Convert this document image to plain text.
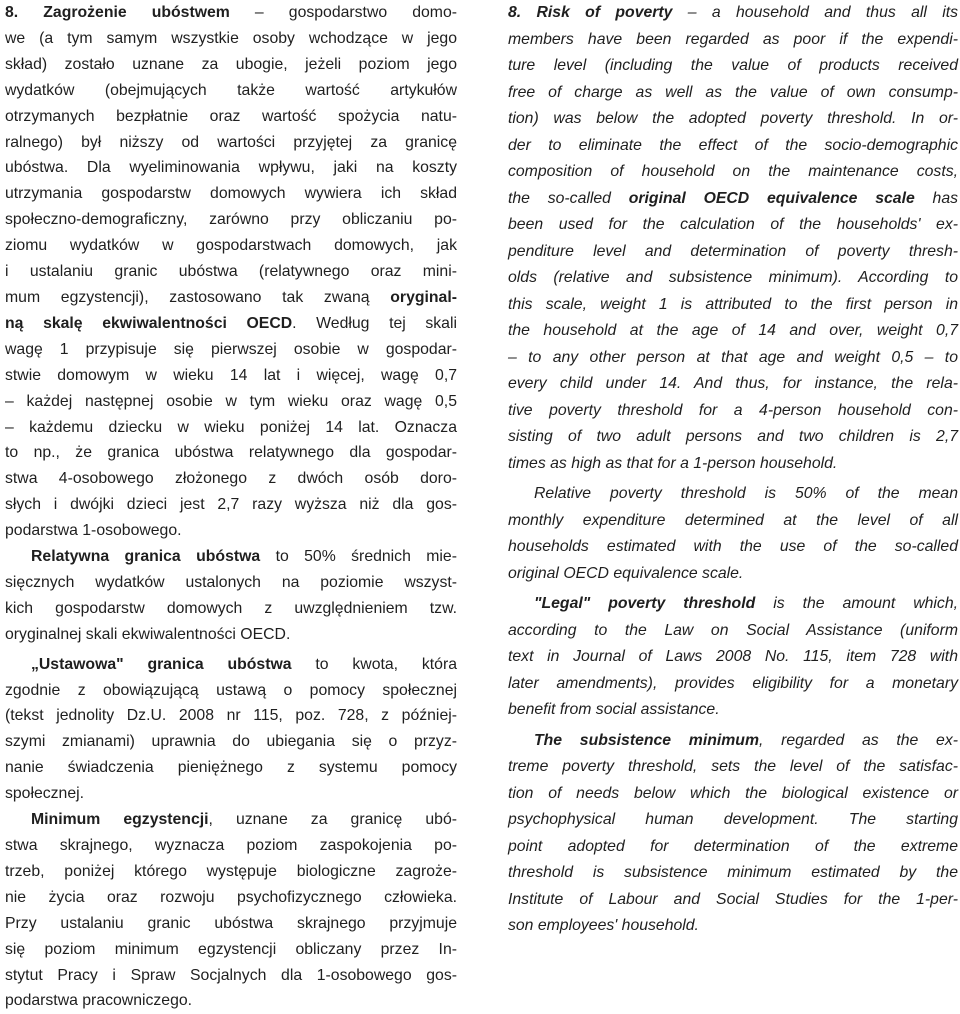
8. Zagrożenie ubóstwem – gospodarstwo domo-
we (a tym samym wszystkie osoby wchodzące w jego
skład) zostało uznane za ubogie, jeżeli poziom jego
wydatków (obejmujących także wartość artykułów
otrzymanych bezpłatnie oraz wartość spożycia natu-
ralnego) był niższy od wartości przyjętej za granicę
ubóstwa. Dla wyeliminowania wpływu, jaki na koszty
utrzymania gospodarstw domowych wywiera ich skład
społeczno-demograficzny, zarówno przy obliczaniu po-
ziomu wydatków w gospodarstwach domowych, jak
i ustalaniu granic ubóstwa (relatywnego oraz mini-
mum egzystencji), zastosowano tak zwaną oryginal-
ną skalę ekwiwalentności OECD. Według tej skali
wagę 1 przypisuje się pierwszej osobie w gospodar-
stwie domowym w wieku 14 lat i więcej, wagę 0,7
– każdej następnej osobie w tym wieku oraz wagę 0,5
– każdemu dziecku w wieku poniżej 14 lat. Oznacza
to np., że granica ubóstwa relatywnego dla gospodar-
stwa 4-osobowego złożonego z dwóch osób doro-
słych i dwójki dzieci jest 2,7 razy wyższa niż dla gos-
podarstwa 1-osobowego.
Relatywna granica ubóstwa to 50% średnich mie-
sięcznych wydatków ustalonych na poziomie wszyst-
kich gospodarstw domowych z uwzględnieniem tzw.
oryginalnej skali ekwiwalentności OECD.
„Ustawowa" granica ubóstwa to kwota, która
zgodnie z obowiązującą ustawą o pomocy społecznej
(tekst jednolity Dz.U. 2008 nr 115, poz. 728, z później-
szymi zmianami) uprawnia do ubiegania się o przyz-
nanie świadczenia pieniężnego z systemu pomocy
społecznej.
Minimum egzystencji, uznane za granicę ubó-
stwa skrajnego, wyznacza poziom zaspokojenia po-
trzeb, poniżej którego występuje biologiczne zagroże-
nie życia oraz rozwoju psychofizycznego człowieka.
Przy ustalaniu granic ubóstwa skrajnego przyjmuje
się poziom minimum egzystencji obliczany przez In-
stytut Pracy i Spraw Socjalnych dla 1-osobowego gos-
podarstwa pracowniczego.
8. Risk of poverty – a household and thus all its
members have been regarded as poor if the expendi-
ture level (including the value of products received
free of charge as well as the value of own consump-
tion) was below the adopted poverty threshold. In or-
der to eliminate the effect of the socio-demographic
composition of household on the maintenance costs,
the so-called original OECD equivalence scale has
been used for the calculation of the households' ex-
penditure level and determination of poverty thresh-
olds (relative and subsistence minimum). According to
this scale, weight 1 is attributed to the first person in
the household at the age of 14 and over, weight 0,7
– to any other person at that age and weight 0,5 – to
every child under 14. And thus, for instance, the rela-
tive poverty threshold for a 4-person household con-
sisting of two adult persons and two children is 2,7
times as high as that for a 1-person household.
Relative poverty threshold is 50% of the mean
monthly expenditure determined at the level of all
households estimated with the use of the so-called
original OECD equivalence scale.
"Legal" poverty threshold is the amount which,
according to the Law on Social Assistance (uniform
text in Journal of Laws 2008 No. 115, item 728 with
later amendments), provides eligibility for a monetary
benefit from social assistance.
The subsistence minimum, regarded as the ex-
treme poverty threshold, sets the level of the satisfac-
tion of needs below which the biological existence or
psychophysical human development. The starting
point adopted for determination of the extreme
threshold is subsistence minimum estimated by the
Institute of Labour and Social Studies for the 1-per-
son employees' household.
